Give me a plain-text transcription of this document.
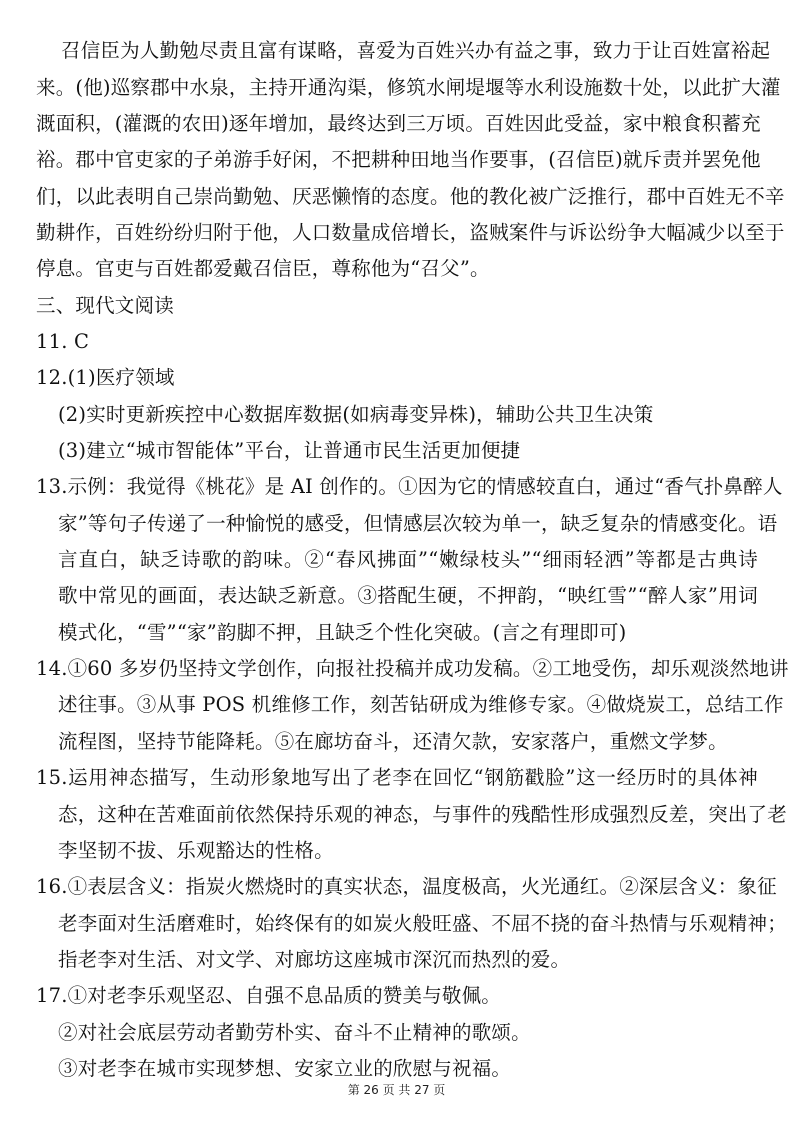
召信臣为人勤勉尽责且富有谋略，喜爱为百姓兴办有益之事，致力于让百姓富裕起
来。(他)巡察郡中水泉，主持开通沟渠，修筑水闸堤堰等水利设施数十处，以此扩大灌
溉面积，(灌溉的农田)逐年增加，最终达到三万顷。百姓因此受益，家中粮食积蓄充
裕。郡中官吏家的子弟游手好闲，不把耕种田地当作要事，(召信臣)就斥责并罢免他
们，以此表明自己崇尚勤勉、厌恶懒惰的态度。他的教化被广泛推行，郡中百姓无不辛
勤耕作，百姓纷纷归附于他，人口数量成倍增长，盗贼案件与诉讼纷争大幅减少以至于
停息。官吏与百姓都爱戴召信臣，尊称他为“召父”。
三、现代文阅读
11. C
12.(1)医疗领域
(2)实时更新疾控中心数据库数据(如病毒变异株)，辅助公共卫生决策
(3)建立“城市智能体”平台，让普通市民生活更加便捷
13.示例：我觉得《桃花》是 AI 创作的。①因为它的情感较直白，通过“香气扑鼻醉人
家”等句子传递了一种愉悦的感受，但情感层次较为单一，缺乏复杂的情感变化。语
言直白，缺乏诗歌的韵味。②“春风拂面”“嫩绿枝头”“细雨轻洒”等都是古典诗
歌中常见的画面，表达缺乏新意。③搭配生硬，不押韵，“映红雪”“醉人家”用词
模式化，“雪”“家”韵脚不押，且缺乏个性化突破。(言之有理即可)
14.①60 多岁仍坚持文学创作，向报社投稿并成功发稿。②工地受伤，却乐观淡然地讲
述往事。③从事 POS 机维修工作，刻苦钻研成为维修专家。④做烧炭工，总结工作
流程图，坚持节能降耗。⑤在廊坊奋斗，还清欠款，安家落户，重燃文学梦。
15.运用神态描写，生动形象地写出了老李在回忆“钢筋戳脸”这一经历时的具体神
态，这种在苦难面前依然保持乐观的神态，与事件的残酷性形成强烈反差，突出了老
李坚韧不拔、乐观豁达的性格。
16.①表层含义：指炭火燃烧时的真实状态，温度极高，火光通红。②深层含义：象征
老李面对生活磨难时，始终保有的如炭火般旺盛、不屈不挠的奋斗热情与乐观精神；
指老李对生活、对文学、对廊坊这座城市深沉而热烈的爱。
17.①对老李乐观坚忍、自强不息品质的赞美与敬佩。
②对社会底层劳动者勤劳朴实、奋斗不止精神的歌颂。
③对老李在城市实现梦想、安家立业的欣慰与祝福。
第 26 页 共 27 页
